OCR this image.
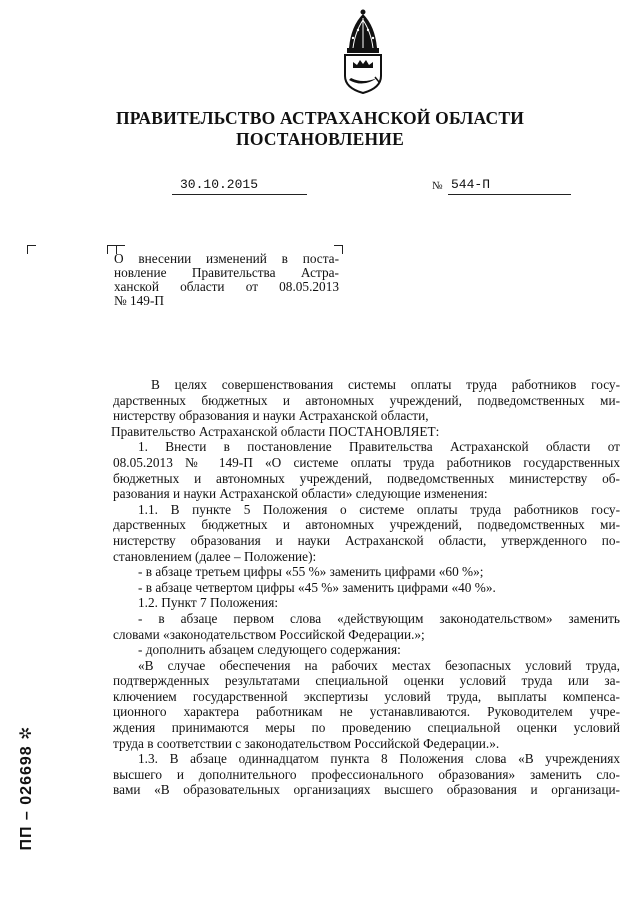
ПРАВИТЕЛЬСТВО АСТРАХАНСКОЙ ОБЛАСТИ
ПОСТАНОВЛЕНИЕ
30.10.2015	№ 544-П
О внесении изменений в поста-
новление Правительства Астра-
ханской области от 08.05.2013
№ 149-П
В целях совершенствования системы оплаты труда работников госу-
дарственных бюджетных и автономных учреждений, подведомственных ми-
нистерству образования и науки Астраханской области,
Правительство Астраханской области ПОСТАНОВЛЯЕТ:
1. Внести в постановление Правительства Астраханской области от
08.05.2013 № 149-П «О системе оплаты труда работников государственных
бюджетных и автономных учреждений, подведомственных министерству об-
разования и науки Астраханской области» следующие изменения:
1.1. В пункте 5 Положения о системе оплаты труда работников госу-
дарственных бюджетных и автономных учреждений, подведомственных ми-
нистерству образования и науки Астраханской области, утвержденного по-
становлением (далее – Положение):
- в абзаце третьем цифры «55 %» заменить цифрами «60 %»;
- в абзаце четвертом цифры «45 %» заменить цифрами «40 %».
1.2. Пункт 7 Положения:
- в абзаце первом слова «действующим законодательством» заменить
словами «законодательством Российской Федерации.»;
- дополнить абзацем следующего содержания:
«В случае обеспечения на рабочих местах безопасных условий труда,
подтвержденных результатами специальной оценки условий труда или за-
ключением государственной экспертизы условий труда, выплаты компенса-
ционного характера работникам не устанавливаются. Руководителем учре-
ждения принимаются меры по проведению специальной оценки условий
труда в соответствии с законодательством Российской Федерации.».
1.3. В абзаце одиннадцатом пункта 8 Положения слова «В учреждениях
высшего и дополнительного профессионального образования» заменить сло-
вами «В образовательных организациях высшего образования и организаци-
ПП – 026698 ✲
